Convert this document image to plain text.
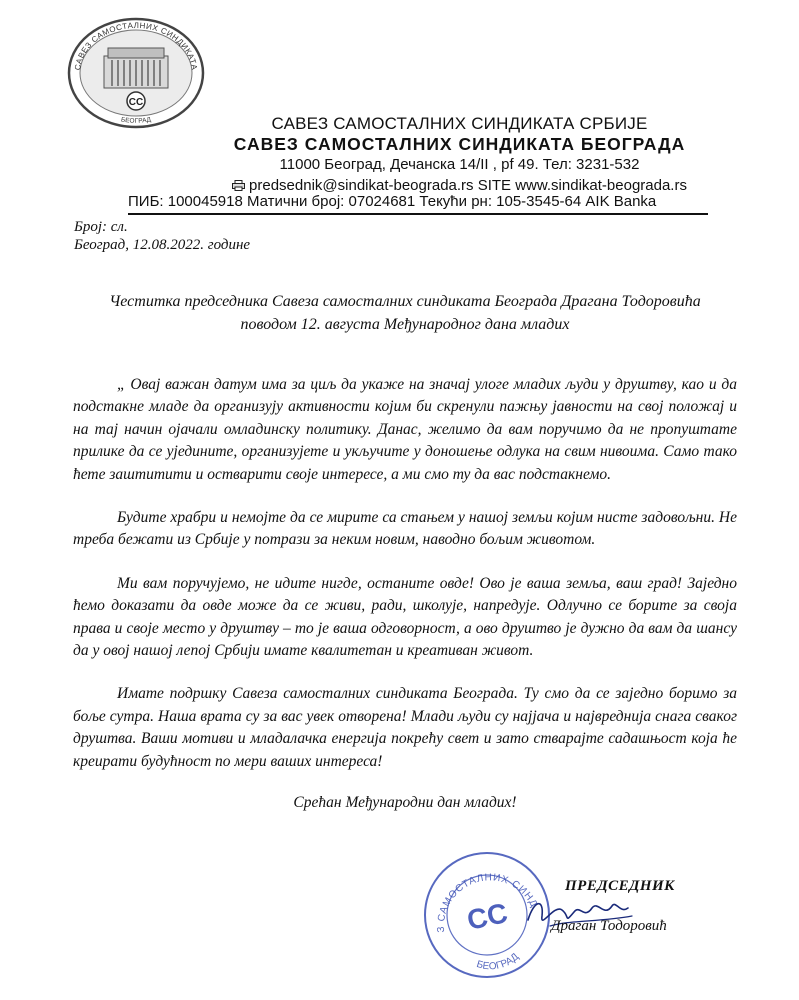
САВЕЗ САМОСТАЛНИХ СИНДИКАТА
CC
БЕОГРАД	САВЕЗ САМОСТАЛНИХ СИНДИКАТА СРБИЈЕ
САВЕЗ САМОСТАЛНИХ СИНДИКАТА БЕОГРАДА
11000 Београд, Дечанска 14/II , pf 49. Тел: 3231-532
predsednik@sindikat-beograda.rs SITE www.sindikat-beograda.rs
ПИБ: 100045918 Матични број: 07024681 Текући рн: 105-3545-64 AIK Banka
Број: сл.
Београд, 12.08.2022. године
Честитка председника Савеза самосталних синдиката Београда Драгана Тодоровића
поводом 12. августа Међународног дана младих

„ Овај важан датум има за циљ да укаже на значај улоге младих људи у друштву, као и да подстакне младе да организују активности којим би скренули пажњу јавности на свој положај и на тај начин ојачали омладинску политику. Данас, желимо да вам поручимо да не пропуштате прилике да се ујед​ините, организујете и укључите у доношење одлука на свим нивоима. Само тако ћете заштитити и остварити своје интересе, а ми смо ту да вас подстакнемо.

Будите храбри и немојте да се мирите са стањем у нашој земљи којим нисте задовољни. Не треба бежати из Србије у потрази за неким новим, наводно бољим животом.

Ми вам поручујемо, не идите нигде, останите овде! Ово је ваша земља, ваш град! Заједно ћемо доказати да овде може да се живи, ради, школује, напредује. Одлучно се борите за своја права и своје место у друштву – то је ваша одговорност, а ово друштво је дужно да вам да шансу да у овој нашој лепој Србији имате квалитетан и креативан живот.

Имате подршку Савеза самосталних синдиката Београда. Ту смо да се заједно боримо за боље сутра. Наша врата су за вас увек отворена! Млади људи су најјача и највреднија снага сваког друштва. Ваши мотиви и младалачка енергија покрећу свет и зато стварајте садашњост која ће креирати будућност по мери ваших интереса!

Срећан Међународни дан младих!

САВЕЗ САМОСТАЛНИХ СИНДИКАТА
БЕОГРАД
CC
ПРЕДСЕДНИК
Драган Тодоровић
